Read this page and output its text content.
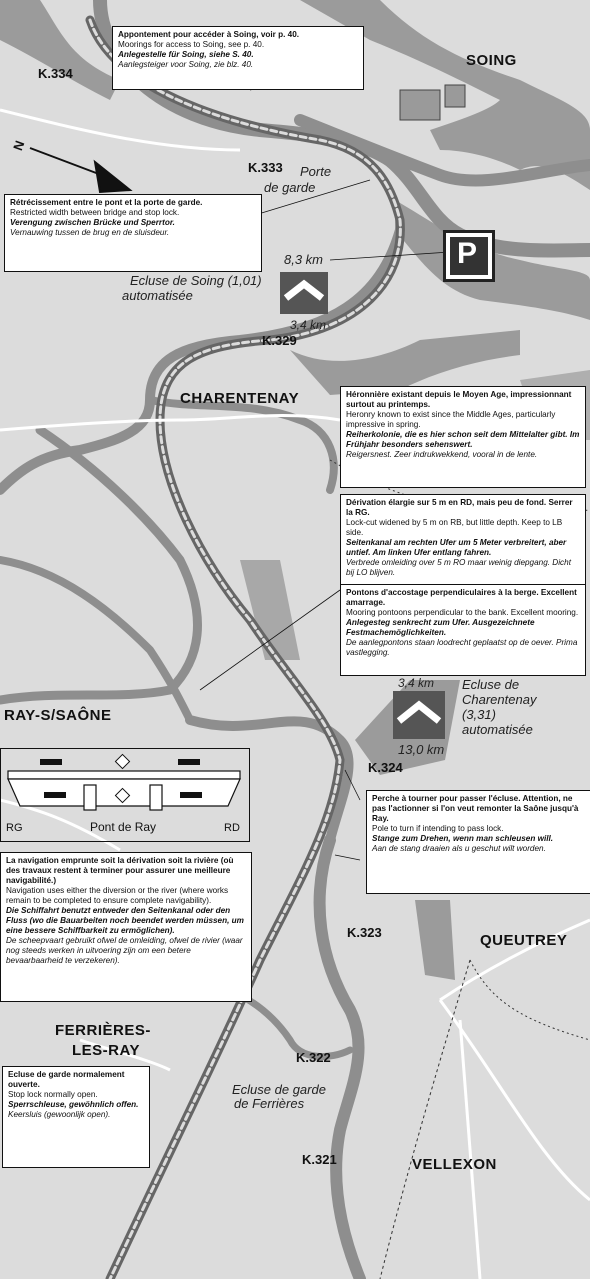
SOING
CHARENTENAY
RAY-S/SAÔNE
QUEUTREY
FERRIÈRES-
LES-RAY
VELLEXON
K.334
K.333
K.329
K.324
K.323
K.322
K.321
Porte
de garde
N
P
8,3 km
3,4 km
Ecluse de Soing (1,01)
automatisée
3,4 km
13,0 km
Ecluse de
Charentenay
(3,31)
automatisée
Ecluse de garde
de Ferrières
RG	Pont de Ray	RD
Appontement pour accéder à Soing, voir p. 40.
Moorings for access to Soing, see p. 40.
Anlegestelle für Soing, siehe S. 40.
Aanlegsteiger voor Soing, zie blz. 40.
Rétrécissement entre le pont et la porte de garde.
Restricted width between bridge and stop lock.
Verengung zwischen Brücke und Sperrtor.
Vernauwing tussen de brug en de sluisdeur.
Héronnière existant depuis le Moyen Age, impressionnant surtout au printemps.
Heronry known to exist since the Middle Ages, particularly impressive in spring.
Reiherkolonie, die es hier schon seit dem Mittelalter gibt. Im Frühjahr besonders sehenswert.
Reigersnest. Zeer indrukwekkend, vooral in de lente.
Dérivation élargie sur 5 m en RD, mais peu de fond. Serrer la RG.
Lock-cut widened by 5 m on RB, but little depth. Keep to LB side.
Seitenkanal am rechten Ufer um 5 Meter verbreitert, aber untief. Am linken Ufer entlang fahren.
Verbrede omleiding over 5 m RO maar weinig diepgang. Dicht bij LO blijven.
Pontons d'accostage perpendiculaires à la berge. Excellent amarrage.
Mooring pontoons perpendicular to the bank. Excellent mooring.
Anlegesteg senkrecht zum Ufer. Ausgezeichnete Festmachemöglichkeiten.
De aanlegpontons staan loodrecht geplaatst op de oever. Prima vastlegging.
Perche à tourner pour passer l'écluse. Attention, ne pas l'actionner si l'on veut remonter la Saône jusqu'à Ray.
Pole to turn if intending to pass lock.
Stange zum Drehen, wenn man schleusen will.
Aan de stang draaien als u geschut wilt worden.
La navigation emprunte soit la dérivation soit la rivière (où des travaux restent à terminer pour assurer une meilleure navigabilité.)
Navigation uses either the diversion or the river (where works remain to be completed to ensure complete navigability).
Die Schiffahrt benutzt entweder den Seitenkanal oder den Fluss (wo die Bauarbeiten noch beendet werden müssen, um eine bessere Schiffbarkeit zu ermöglichen).
De scheepvaart gebruikt ofwel de omleiding, ofwel de rivier (waar nog steeds werken in uitvoering zijn om een betere bevaarbaarheid te verzekeren).
Ecluse de garde normalement ouverte.
Stop lock normally open.
Sperrschleuse, gewöhnlich offen.
Keersluis (gewoonlijk open).
